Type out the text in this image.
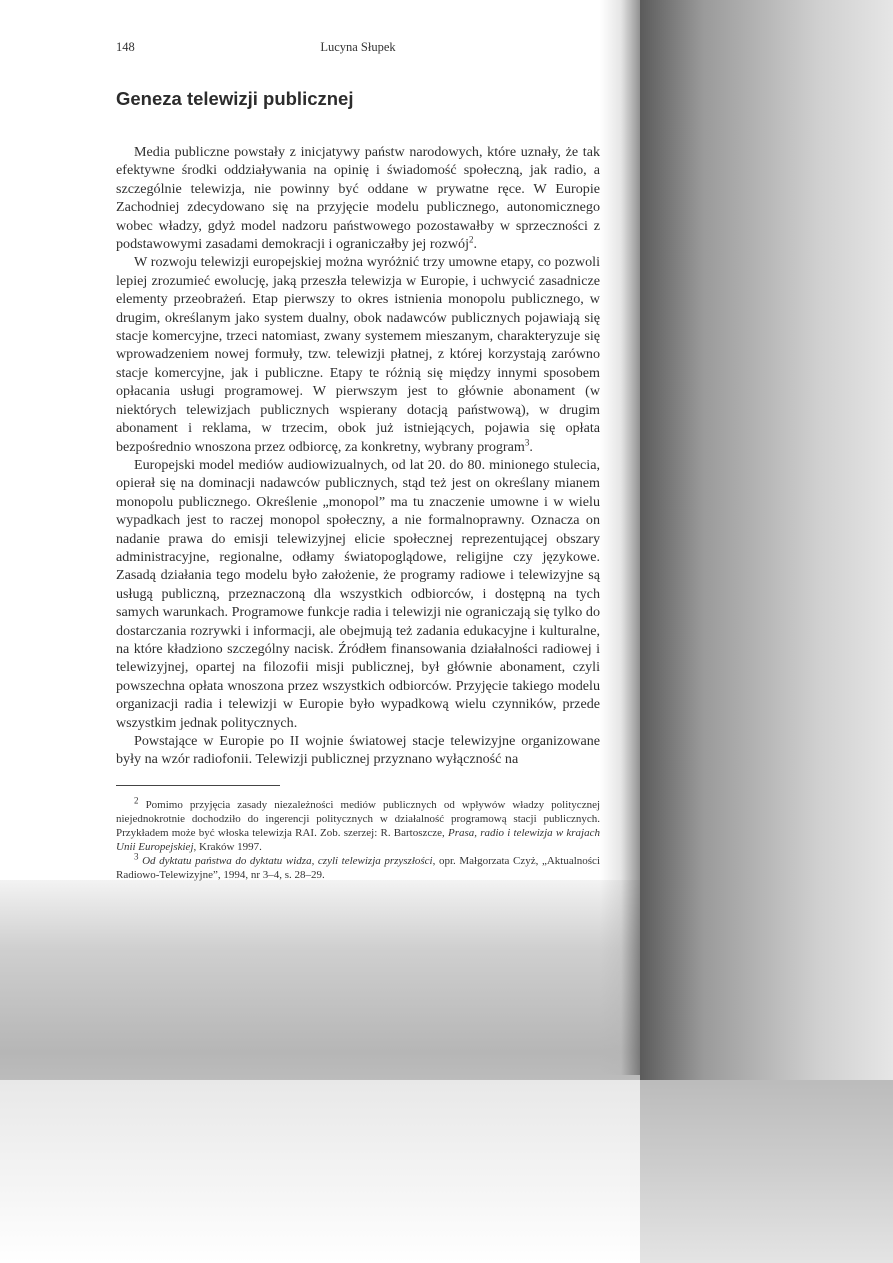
148	Lucyna Słupek
Geneza telewizji publicznej

Media publiczne powstały z inicjatywy państw narodowych, które uznały, że tak efektywne środki oddziaływania na opinię i świadomość społeczną, jak radio, a szczególnie telewizja, nie powinny być oddane w prywatne ręce. W Europie Zachodniej zdecydowano się na przyjęcie modelu publicznego, autonomicznego wobec władzy, gdyż model nadzoru państwowego pozostawałby w sprzeczności z podstawowymi zasadami demokracji i ograniczałby jej rozwój$^2$.

W rozwoju telewizji europejskiej można wyróżnić trzy umowne etapy, co pozwoli lepiej zrozumieć ewolucję, jaką przeszła telewizja w Europie, i uchwycić zasadnicze elementy przeobrażeń. Etap pierwszy to okres istnienia monopolu publicznego, w drugim, określanym jako system dualny, obok nadawców publicznych pojawiają się stacje komercyjne, trzeci natomiast, zwany systemem mieszanym, charakteryzuje się wprowadzeniem nowej formuły, tzw. telewizji płatnej, z której korzystają zarówno stacje komercyjne, jak i publiczne. Etapy te różnią się między innymi sposobem opłacania usługi programowej. W pierwszym jest to głównie abonament (w niektórych telewizjach publicznych wspierany dotacją państwową), w drugim abonament i reklama, w trzecim, obok już istniejących, pojawia się opłata bezpośrednio wnoszona przez odbiorcę, za konkretny, wybrany program$^3$.

Europejski model mediów audiowizualnych, od lat 20. do 80. minionego stulecia, opierał się na dominacji nadawców publicznych, stąd też jest on określany mianem monopolu publicznego. Określenie „monopol” ma tu znaczenie umowne i w wielu wypadkach jest to raczej monopol społeczny, a nie formalnoprawny. Oznacza on nadanie prawa do emisji telewizyjnej elicie społecznej reprezentującej obszary administracyjne, regionalne, odłamy światopoglądowe, religijne czy językowe. Zasadą działania tego modelu było założenie, że programy radiowe i telewizyjne są usługą publiczną, przeznaczoną dla wszystkich odbiorców, i dostępną na tych samych warunkach. Programowe funkcje radia i telewizji nie ograniczają się tylko do dostarczania rozrywki i informacji, ale obejmują też zadania edukacyjne i kulturalne, na które kładziono szczególny nacisk. Źródłem finansowania działalności radiowej i telewizyjnej, opartej na filozofii misji publicznej, był głównie abonament, czyli powszechna opłata wnoszona przez wszystkich odbiorców. Przyjęcie takiego modelu organizacji radia i telewizji w Europie było wypadkową wielu czynników, przede wszystkim jednak politycznych.

Powstające w Europie po II wojnie światowej stacje telewizyjne organizowane były na wzór radiofonii. Telewizji publicznej przyznano wyłączność na

$^2$ Pomimo przyjęcia zasady niezależności mediów publicznych od wpływów władzy politycznej niejednokrotnie dochodziło do ingerencji politycznych w działalność programową stacji publicznych. Przykładem może być włoska telewizja RAI. Zob. szerzej: R. Bartoszcze, Prasa, radio i telewizja w krajach Unii Europejskiej, Kraków 1997.

$^3$ Od dyktatu państwa do dyktatu widza, czyli telewizja przyszłości, opr. Małgorzata Czyż, „Aktualności Radiowo-Telewizyjne”, 1994, nr 3–4, s. 28–29.
